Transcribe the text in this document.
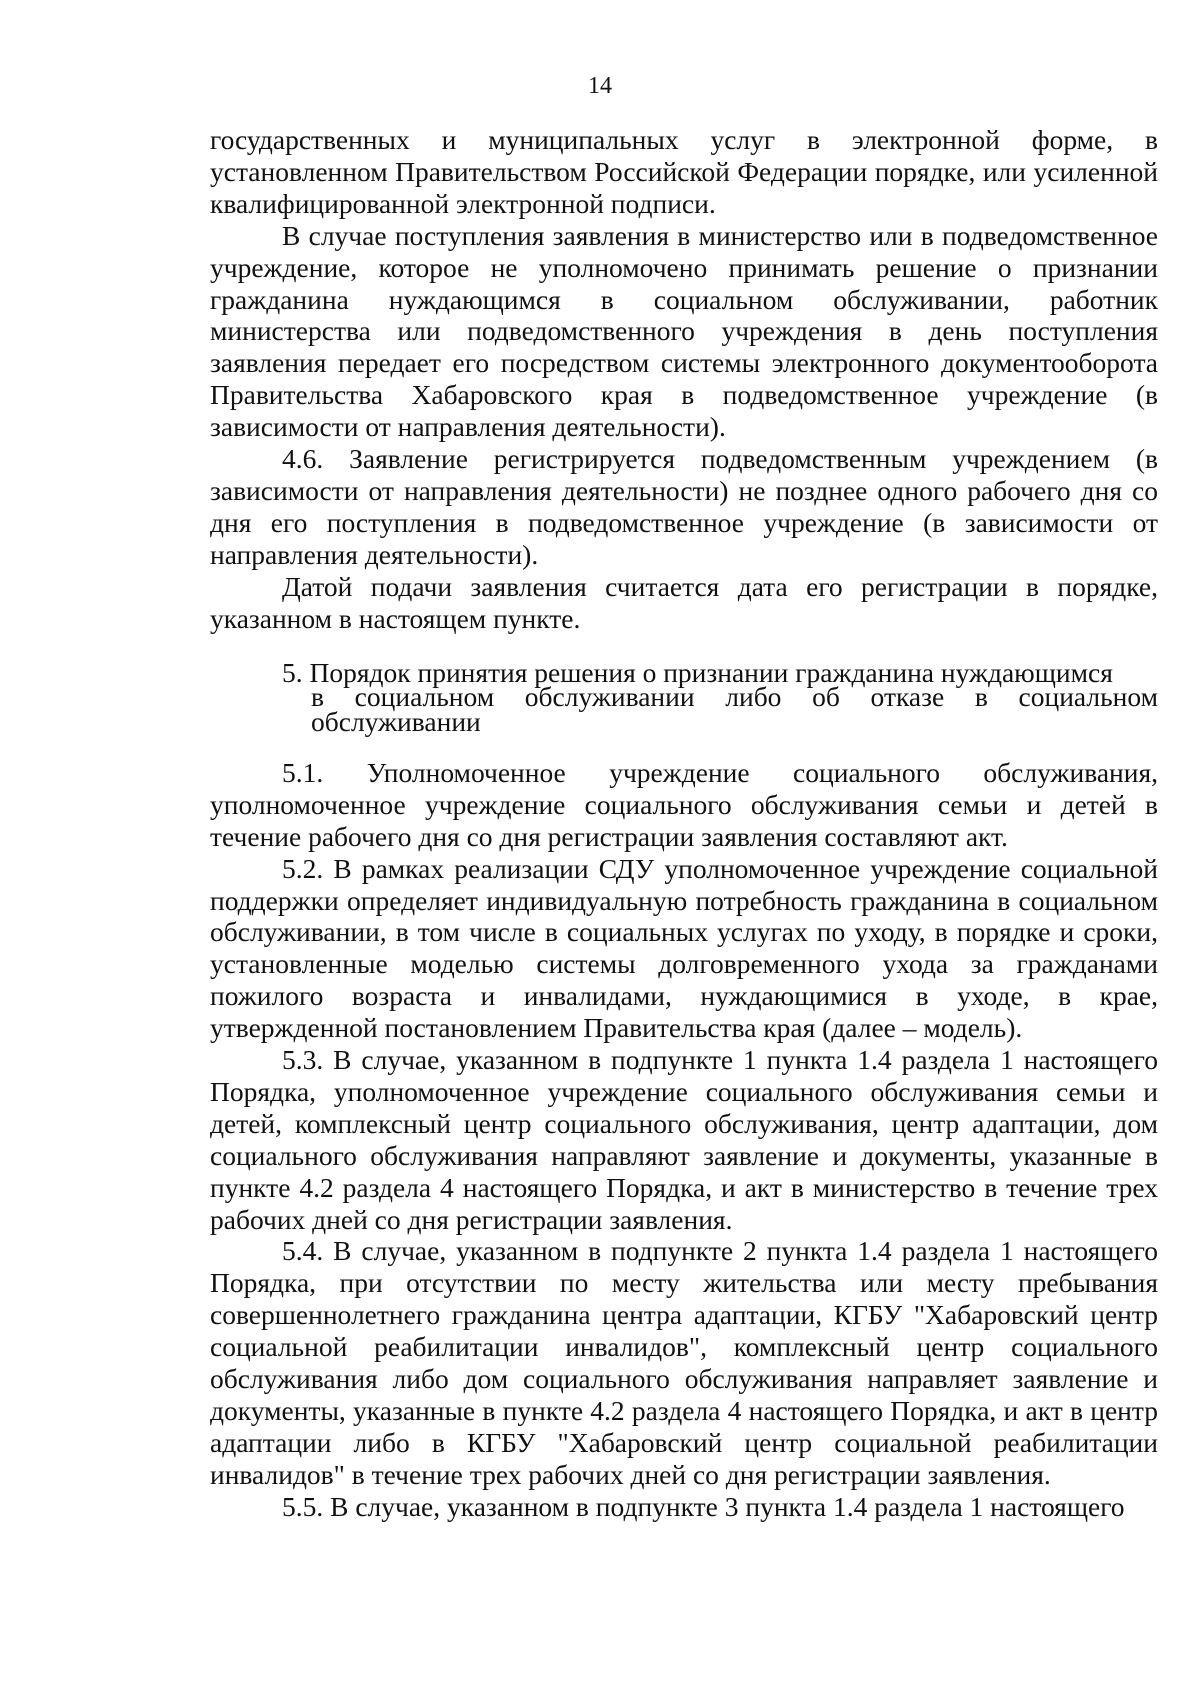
14

государственных и муниципальных услуг в электронной форме, в установленном Правительством Российской Федерации порядке, или усиленной квалифицированной электронной подписи.

В случае поступления заявления в министерство или в подведомственное учреждение, которое не уполномочено принимать решение о признании гражданина нуждающимся в социальном обслуживании, работник министерства или подведомственного учреждения в день поступления заявления передает его посредством системы электронного документооборота Правительства Хабаровского края в подведомственное учреждение (в зависимости от направления деятельности).

4.6. Заявление регистрируется подведомственным учреждением (в зависимости от направления деятельности) не позднее одного рабочего дня со дня его поступления в подведомственное учреждение (в зависимости от направления деятельности).

Датой подачи заявления считается дата его регистрации в порядке, указанном в настоящем пункте.

5. Порядок принятия решения о признании гражданина нуждающимся

в социальном обслуживании либо об отказе в социальном обслуживании

5.1. Уполномоченное учреждение социального обслуживания, уполномоченное учреждение социального обслуживания семьи и детей в течение рабочего дня со дня регистрации заявления составляют акт.

5.2. В рамках реализации СДУ уполномоченное учреждение социальной поддержки определяет индивидуальную потребность гражданина в социальном обслуживании, в том числе в социальных услугах по уходу, в порядке и сроки, установленные моделью системы долговременного ухода за гражданами пожилого возраста и инвалидами, нуждающимися в уходе, в крае, утвержденной постановлением Правительства края (далее – модель).

5.3. В случае, указанном в подпункте 1 пункта 1.4 раздела 1 настоящего Порядка, уполномоченное учреждение социального обслуживания семьи и детей, комплексный центр социального обслуживания, центр адаптации, дом социального обслуживания направляют заявление и документы, указанные в пункте 4.2 раздела 4 настоящего Порядка, и акт в министерство в течение трех рабочих дней со дня регистрации заявления.

5.4. В случае, указанном в подпункте 2 пункта 1.4 раздела 1 настоящего Порядка, при отсутствии по месту жительства или месту пребывания совершеннолетнего гражданина центра адаптации, КГБУ "Хабаровский центр социальной реабилитации инвалидов", комплексный центр социального обслуживания либо дом социального обслуживания направляет заявление и документы, указанные в пункте 4.2 раздела 4 настоящего Порядка, и акт в центр адаптации либо в КГБУ "Хабаровский центр социальной реабилитации инвалидов" в течение трех рабочих дней со дня регистрации заявления.

5.5. В случае, указанном в подпункте 3 пункта 1.4 раздела 1 настоящего
